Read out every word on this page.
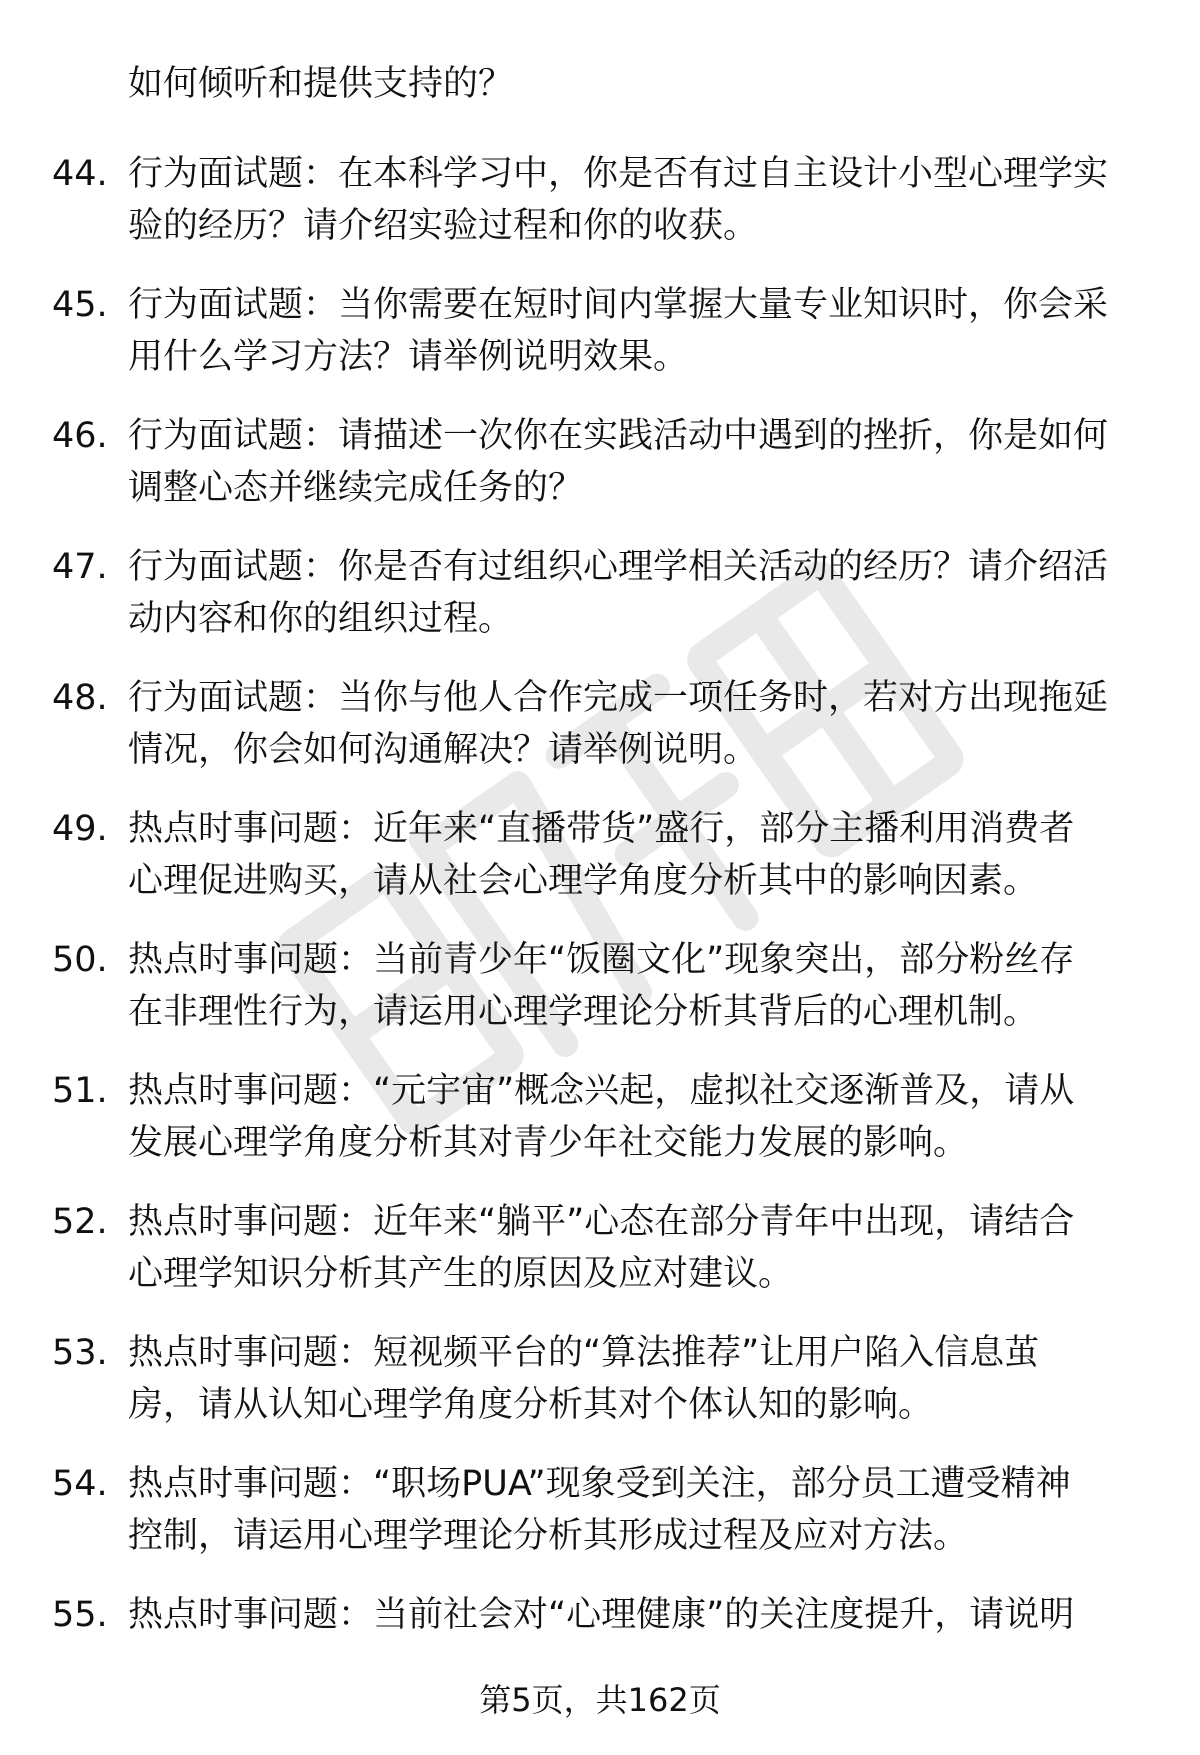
如何倾听和提供支持的？
44. 行为面试题：在本科学习中，你是否有过自主设计小型心理学实
验的经历？请介绍实验过程和你的收获。
45. 行为面试题：当你需要在短时间内掌握大量专业知识时，你会采
用什么学习方法？请举例说明效果。
46. 行为面试题：请描述一次你在实践活动中遇到的挫折，你是如何
调整心态并继续完成任务的？
47. 行为面试题：你是否有过组织心理学相关活动的经历？请介绍活
动内容和你的组织过程。
48. 行为面试题：当你与他人合作完成一项任务时，若对方出现拖延
情况，你会如何沟通解决？请举例说明。
49. 热点时事问题：近年来“直播带货”盛行，部分主播利用消费者
心理促进购买，请从社会心理学角度分析其中的影响因素。
50. 热点时事问题：当前青少年“饭圈文化”现象突出，部分粉丝存
在非理性行为，请运用心理学理论分析其背后的心理机制。
51. 热点时事问题：“元宇宙”概念兴起，虚拟社交逐渐普及，请从
发展心理学角度分析其对青少年社交能力发展的影响。
52. 热点时事问题：近年来“躺平”心态在部分青年中出现，请结合
心理学知识分析其产生的原因及应对建议。
53. 热点时事问题：短视频平台的“算法推荐”让用户陷入信息茧
房，请从认知心理学角度分析其对个体认知的影响。
54. 热点时事问题：“职场PUA”现象受到关注，部分员工遭受精神
控制，请运用心理学理论分析其形成过程及应对方法。
55. 热点时事问题：当前社会对“心理健康”的关注度提升，请说明
第5页，共162页
